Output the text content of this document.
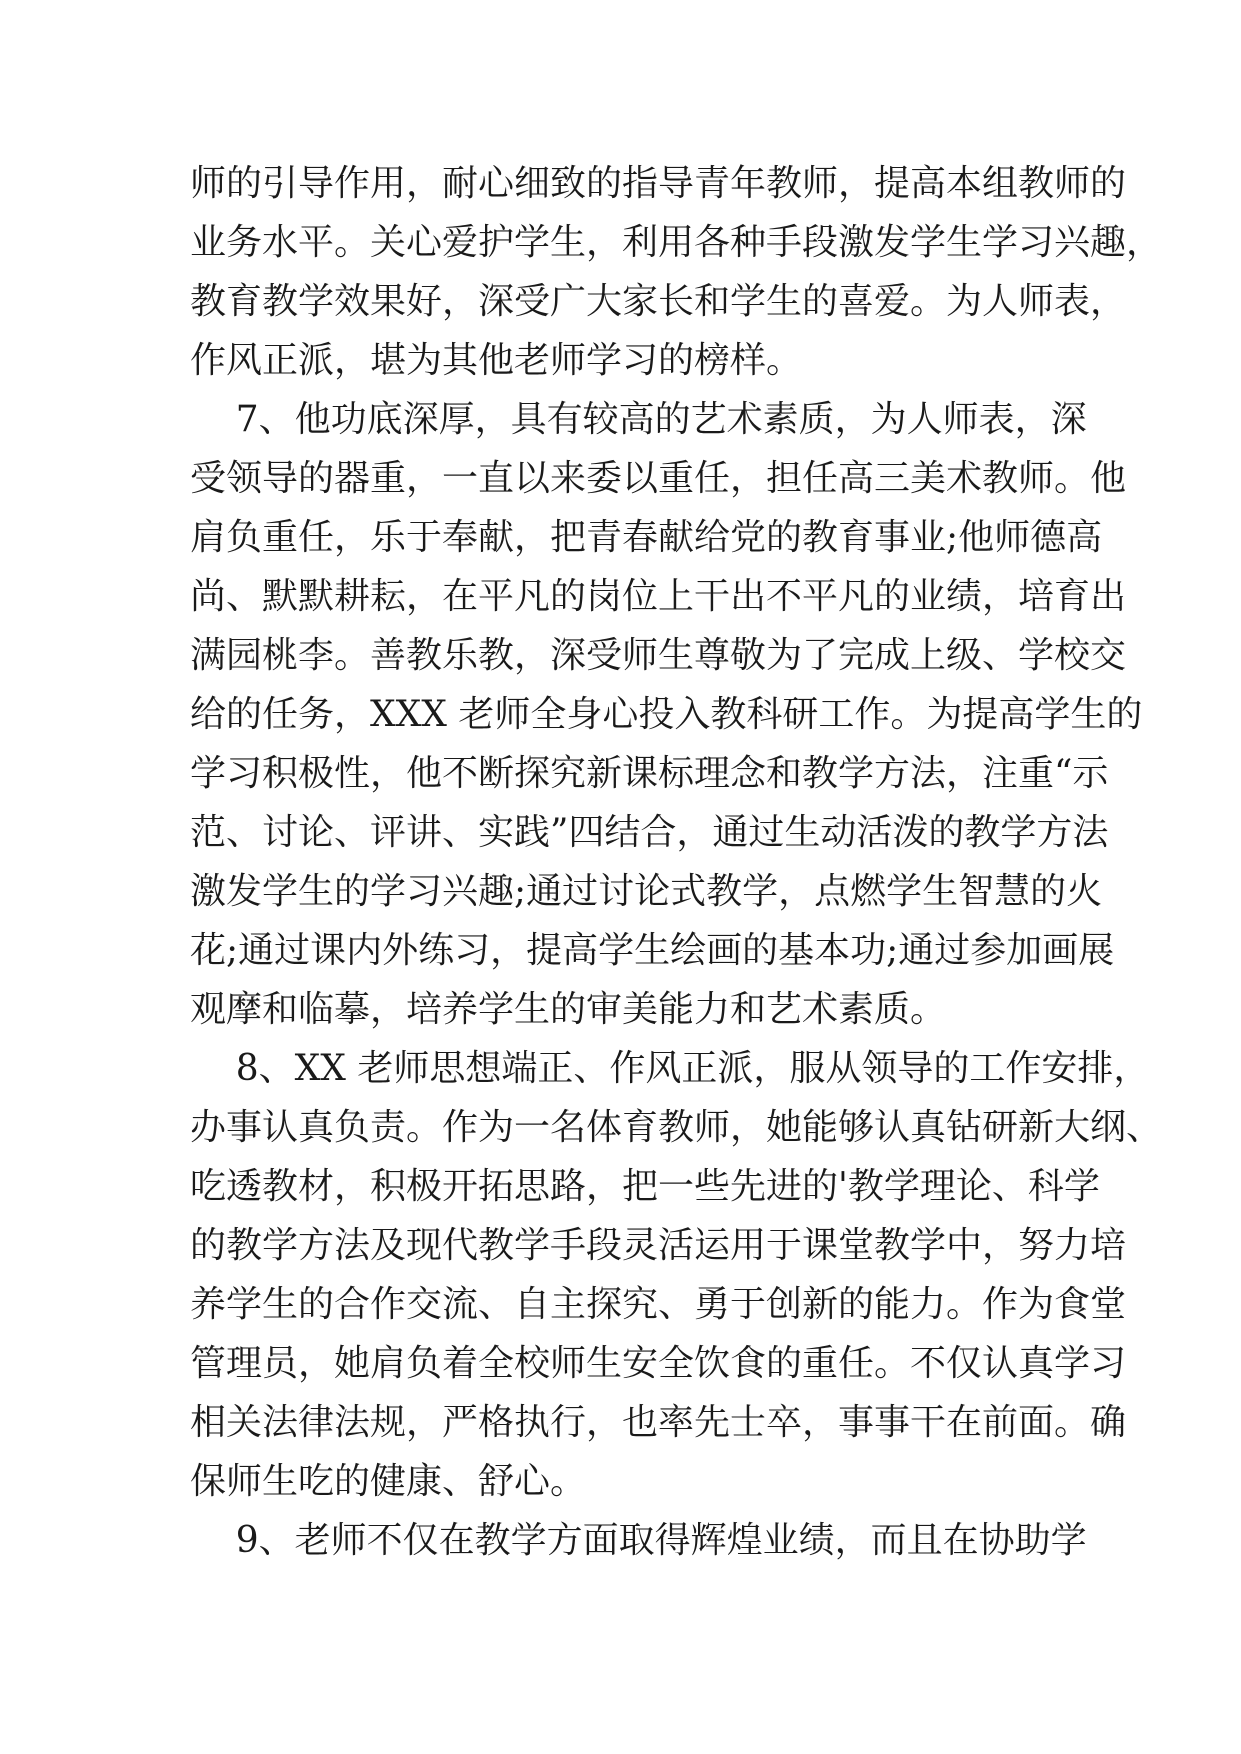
师的引导作用，耐心细致的指导青年教师，提高本组教师的
业务水平。关心爱护学生，利用各种手段激发学生学习兴趣，
教育教学效果好，深受广大家长和学生的喜爱。为人师表，
作风正派，堪为其他老师学习的榜样。
7、他功底深厚，具有较高的艺术素质，为人师表，深
受领导的器重，一直以来委以重任，担任高三美术教师。他
肩负重任，乐于奉献，把青春献给党的教育事业;他师德高
尚、默默耕耘，在平凡的岗位上干出不平凡的业绩，培育出
满园桃李。善教乐教，深受师生尊敬为了完成上级、学校交
给的任务，XXX 老师全身心投入教科研工作。为提高学生的
学习积极性，他不断探究新课标理念和教学方法，注重“示
范、讨论、评讲、实践”四结合，通过生动活泼的教学方法
激发学生的学习兴趣;通过讨论式教学，点燃学生智慧的火
花;通过课内外练习，提高学生绘画的基本功;通过参加画展
观摩和临摹，培养学生的审美能力和艺术素质。
8、XX 老师思想端正、作风正派，服从领导的工作安排，
办事认真负责。作为一名体育教师，她能够认真钻研新大纲、
吃透教材，积极开拓思路，把一些先进的'教学理论、科学
的教学方法及现代教学手段灵活运用于课堂教学中，努力培
养学生的合作交流、自主探究、勇于创新的能力。作为食堂
管理员，她肩负着全校师生安全饮食的重任。不仅认真学习
相关法律法规，严格执行，也率先士卒，事事干在前面。确
保师生吃的健康、舒心。
9、老师不仅在教学方面取得辉煌业绩，而且在协助学
